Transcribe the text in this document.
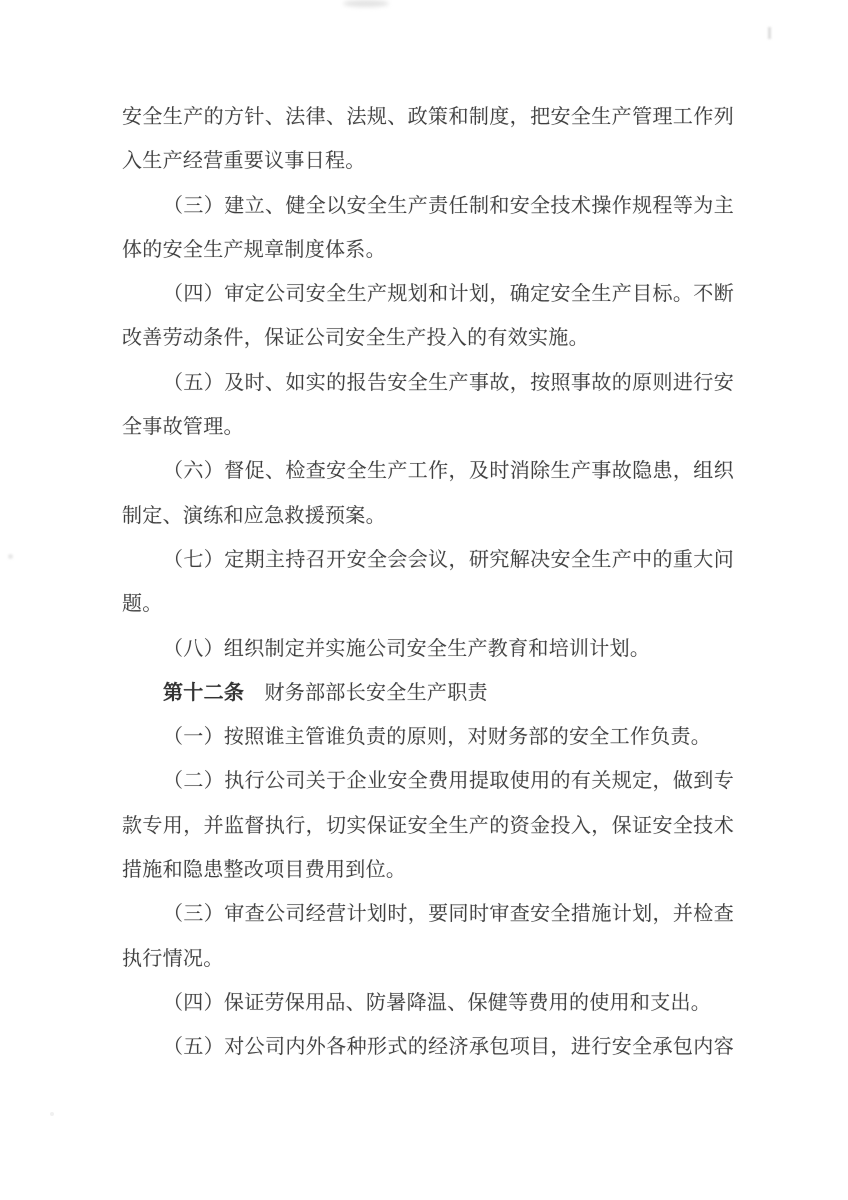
安全生产的方针、法律、法规、政策和制度，把安全生产管理工作列
入生产经营重要议事日程。
（三）建立、健全以安全生产责任制和安全技术操作规程等为主
体的安全生产规章制度体系。
（四）审定公司安全生产规划和计划，确定安全生产目标。不断
改善劳动条件，保证公司安全生产投入的有效实施。
（五）及时、如实的报告安全生产事故，按照事故的原则进行安
全事故管理。
（六）督促、检查安全生产工作，及时消除生产事故隐患，组织
制定、演练和应急救援预案。
（七）定期主持召开安全会会议，研究解决安全生产中的重大问
题。
（八）组织制定并实施公司安全生产教育和培训计划。
第十二条　财务部部长安全生产职责
（一）按照谁主管谁负责的原则，对财务部的安全工作负责。
（二）执行公司关于企业安全费用提取使用的有关规定，做到专
款专用，并监督执行，切实保证安全生产的资金投入，保证安全技术
措施和隐患整改项目费用到位。
（三）审查公司经营计划时，要同时审查安全措施计划，并检查
执行情况。
（四）保证劳保用品、防暑降温、保健等费用的使用和支出。
（五）对公司内外各种形式的经济承包项目，进行安全承包内容
